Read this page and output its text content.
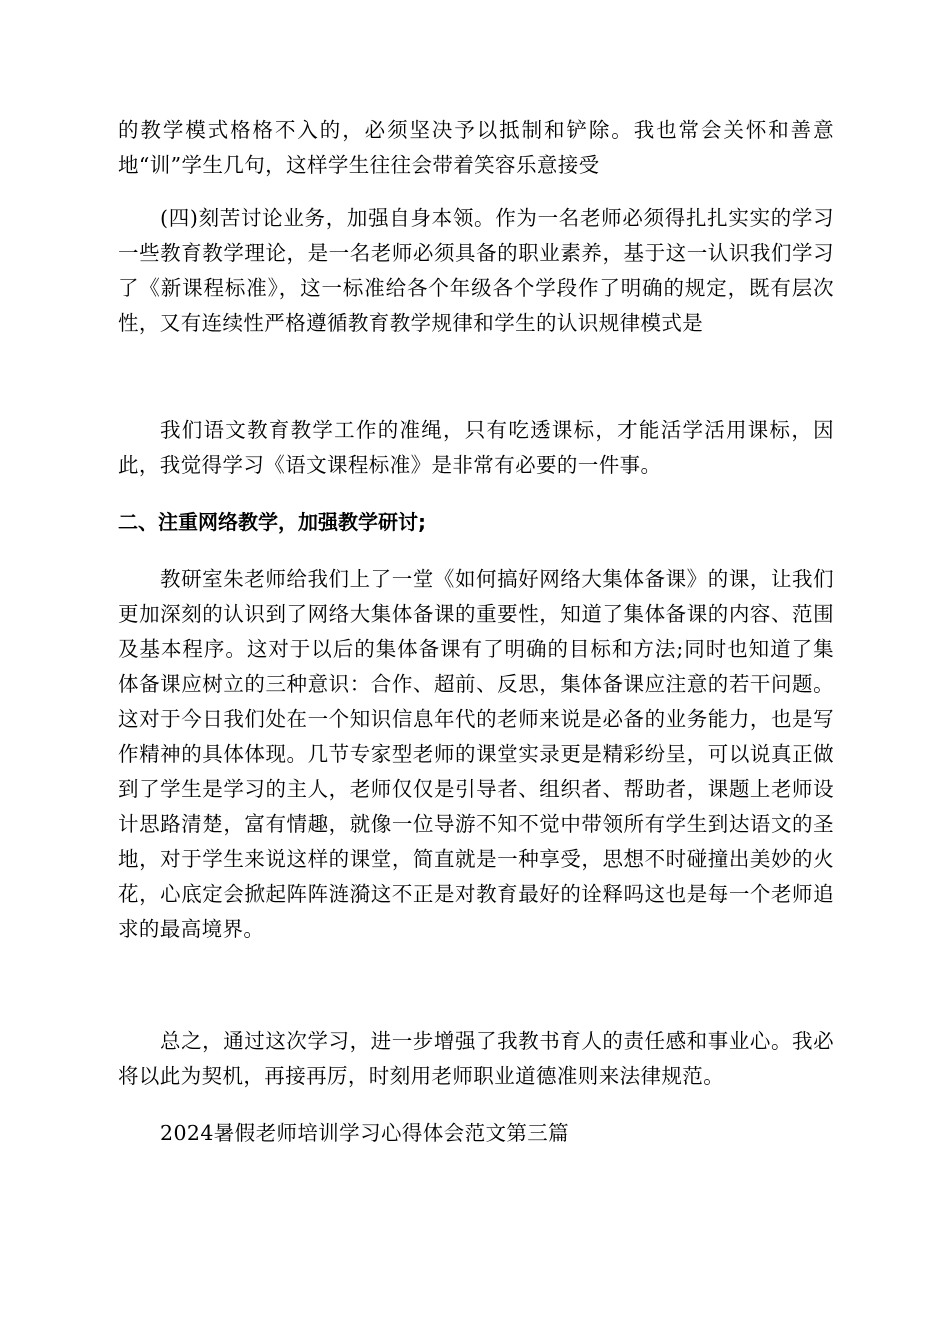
的教学模式格格不入的，必须坚决予以抵制和铲除。我也常会关怀和善意地“训”学生几句，这样学生往往会带着笑容乐意接受
(四)刻苦讨论业务，加强自身本领。作为一名老师必须得扎扎实实的学习一些教育教学理论，是一名老师必须具备的职业素养，基于这一认识我们学习了《新课程标准》，这一标准给各个年级各个学段作了明确的规定，既有层次性，又有连续性严格遵循教育教学规律和学生的认识规律模式是
我们语文教育教学工作的准绳，只有吃透课标，才能活学活用课标，因此，我觉得学习《语文课程标准》是非常有必要的一件事。
二、注重网络教学，加强教学研讨;
教研室朱老师给我们上了一堂《如何搞好网络大集体备课》的课，让我们更加深刻的认识到了网络大集体备课的重要性，知道了集体备课的内容、范围及基本程序。这对于以后的集体备课有了明确的目标和方法;同时也知道了集体备课应树立的三种意识：合作、超前、反思，集体备课应注意的若干问题。这对于今日我们处在一个知识信息年代的老师来说是必备的业务能力，也是写作精神的具体体现。几节专家型老师的课堂实录更是精彩纷呈，可以说真正做到了学生是学习的主人，老师仅仅是引导者、组织者、帮助者，课题上老师设计思路清楚，富有情趣，就像一位导游不知不觉中带领所有学生到达语文的圣地，对于学生来说这样的课堂，简直就是一种享受，思想不时碰撞出美妙的火花，心底定会掀起阵阵涟漪这不正是对教育最好的诠释吗这也是每一个老师追求的最高境界。
总之，通过这次学习，进一步增强了我教书育人的责任感和事业心。我必将以此为契机，再接再厉，时刻用老师职业道德准则来法律规范。
2024暑假老师培训学习心得体会范文第三篇
